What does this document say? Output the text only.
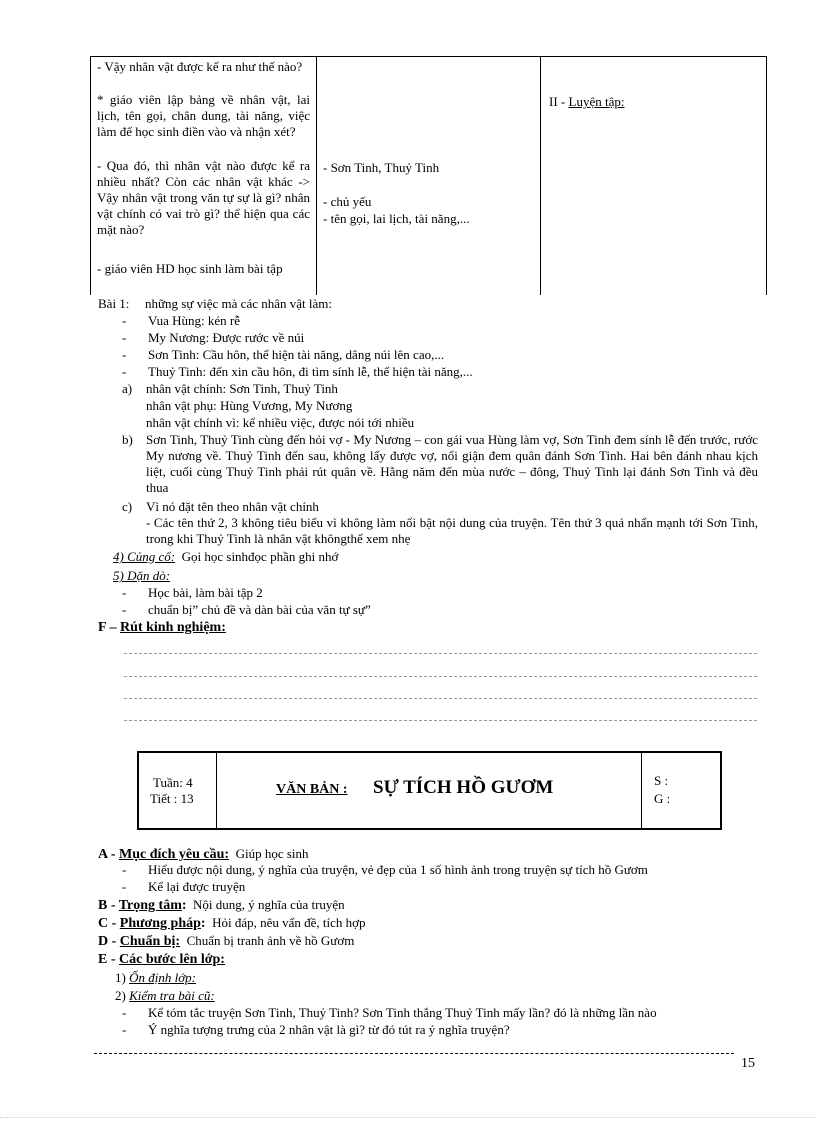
- Vậy nhân vật được kể ra như thế nào?
* giáo viên lập bảng về nhân vật, lai lịch, tên gọi, chân dung, tài năng, việc làm để học sinh điền vào và nhận xét?
- Qua đó, thì nhân vật nào được kể ra nhiều nhất? Còn các nhân vật khác -> Vậy nhân vật trong văn tự sự là gì? nhân vật chính có vai trò gì? thể hiện qua các mặt nào?
- giáo viên HD học sinh làm bài tập
- Sơn Tinh, Thuỷ Tinh
- chủ yếu
- tên gọi, lai lịch, tài năng,...
II - Luyện tập:
Bài 1: những sự việc mà các nhân vật làm:
- Vua Hùng: kén rễ
- My Nương: Được rước về núi
- Sơn Tinh: Cầu hôn, thể hiện tài năng, dâng núi lên cao,...
- Thuỷ Tinh: đến xin cầu hôn, đi tìm sính lễ, thể hiện tài năng,...
a) nhân vật chính: Sơn Tinh, Thuỷ Tinh
nhân vật phụ: Hùng Vương, My Nương
nhân vật chính vì: kể nhiều việc, được nói tới nhiều
b) Sơn Tinh, Thuỷ Tinh cùng đến hỏi vợ - My Nương – con gái vua Hùng làm vợ, Sơn Tinh đem sính lễ đến trước, rước My nương về. Thuỷ Tinh đến sau, không lấy được vợ, nổi giận đem quân đánh Sơn Tinh. Hai bên đánh nhau kịch liệt, cuối cùng Thuỷ Tinh phải rút quân về. Hằng năm đến mùa nước – đông, Thuỷ Tinh lại đánh Sơn Tinh và đều thua
c) Vì nó đặt tên theo nhân vật chính
- Các tên thứ 2, 3 không tiêu biểu vì không làm nổi bật nội dung của truyện. Tên thứ 3 quá nhấn mạnh tới Sơn Tinh, trong khi Thuỷ Tinh là nhân vật khôngthể xem nhẹ
4) Củng cố: Gọi học sinhđọc phần ghi nhớ
5) Dặn dò:
- Học bài, làm bài tập 2
- chuẩn bị” chủ đề và dàn bài của văn tự sự”
F – Rút kinh nghiệm:
Tuần: 4
Tiết : 13
VĂN BẢN : SỰ TÍCH HỒ GƯƠM	S :
G :
A - Mục đích yêu cầu: Giúp học sinh
- Hiểu được nội dung, ý nghĩa của truyện, vẻ đẹp của 1 số hình ảnh trong truyện sự tích hồ Gươm
- Kể lại được truyện
B - Trọng tâm: Nội dung, ý nghĩa của truyện
C - Phương pháp: Hỏi đáp, nêu vấn đề, tích hợp
D - Chuẩn bị: Chuẩn bị tranh ảnh về hồ Gươm
E - Các bước lên lớp:
1) Ổn định lớp:
2) Kiểm tra bài cũ:
- Kể tóm tắc truyện Sơn Tinh, Thuỷ Tinh? Sơn Tinh thắng Thuỷ Tinh mấy lần? đó là những lần nào
- Ý nghĩa tượng trưng của 2 nhân vật là gì? từ đó tút ra ý nghĩa truyện?
15
